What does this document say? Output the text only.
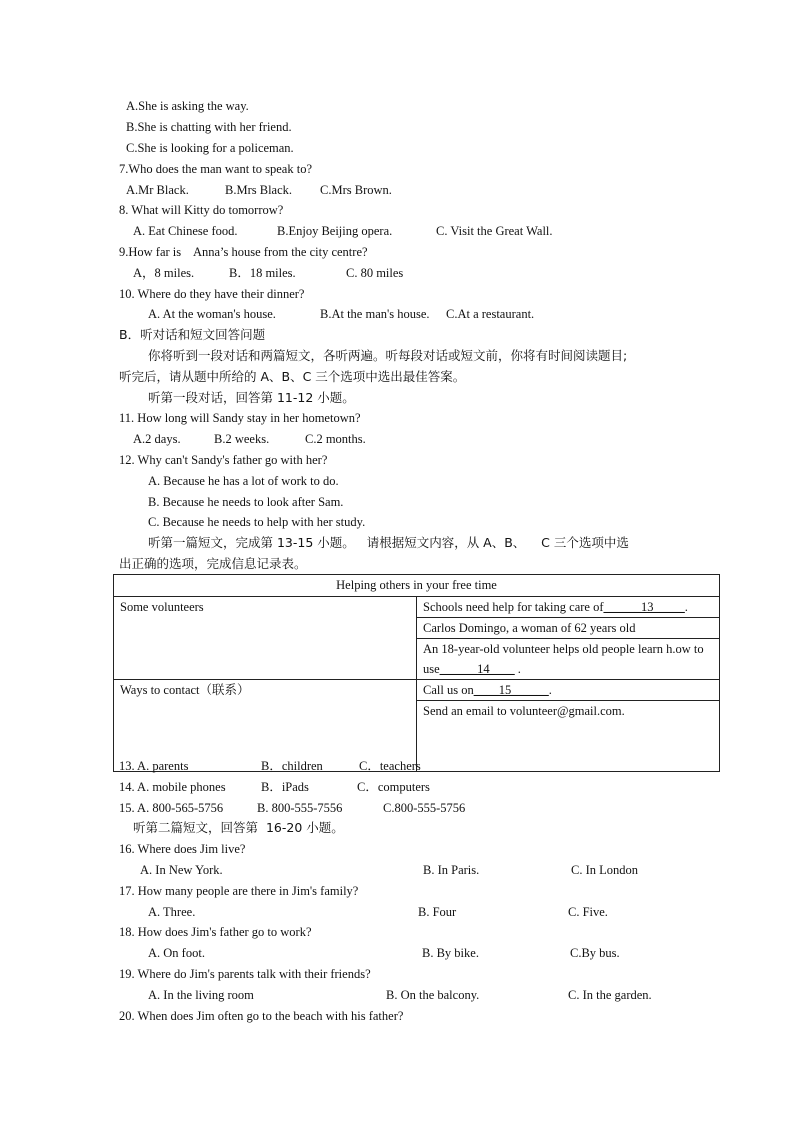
A.She is asking the way.
B.She is chatting with her friend.
C.She is looking for a policeman.
7.Who does the man want to speak to?
A.Mr Black.	B.Mrs Black. C.Mrs Brown.
8. What will Kitty do tomorrow?
A. Eat Chinese food.	B.Enjoy Beijing opera.	C. Visit the Great Wall.
9.How far is    Anna’s house from the city centre?
A，8 miles.	B．18 miles.	C. 80 miles
10. Where do they have their dinner?
A. At the woman's house.	B.At the man's house. C.At a restaurant.
B．听对话和短文回答问题
你将听到一段对话和两篇短文，各听两遍。听每段对话或短文前，你将有时间阅读题目;
听完后，请从题中所给的 A、B、C 三个选项中选出最佳答案。
听第一段对话，回答第 11-12 小题。
11. How long will Sandy stay in her hometown?
A.2 days.	B.2 weeks.	C.2 months.
12. Why can't Sandy's father go with her?
A. Because he has a lot of work to do.
B. Because he needs to look after Sam.
C. Because he needs to help with her study.
听第一篇短文，完成第 13-15 小题。   请根据短文内容，从 A、B、    C 三个选项中选
出正确的选项，完成信息记录表。
Helping others in your free time	
Some volunteers	Schools need help for taking care of______13_____.
	Carlos Domingo, a woman of 62 years old
	An 18-year-old volunteer helps old people learn h.ow to use______14____ .
Ways to contact（联系）	Call us on____15______.
	Send an email to volunteer@gmail.com.
13. A. parents	B．children	C．teachers
14. A. mobile phones	B．iPads	C．computers
15. A. 800-565-5756	B. 800-555-7556	C.800-555-5756
听第二篇短文，回答第  16-20 小题。
16. Where does Jim live?
A. In New York.	B. In Paris.	C. In London
17. How many people are there in Jim's family?
A. Three.	B. Four	C. Five.
18. How does Jim's father go to work?
A. On foot.	B. By bike.	C.By bus.
19. Where do Jim's parents talk with their friends?
A. In the living room	B. On the balcony.	C. In the garden.
20. When does Jim often go to the beach with his father?
